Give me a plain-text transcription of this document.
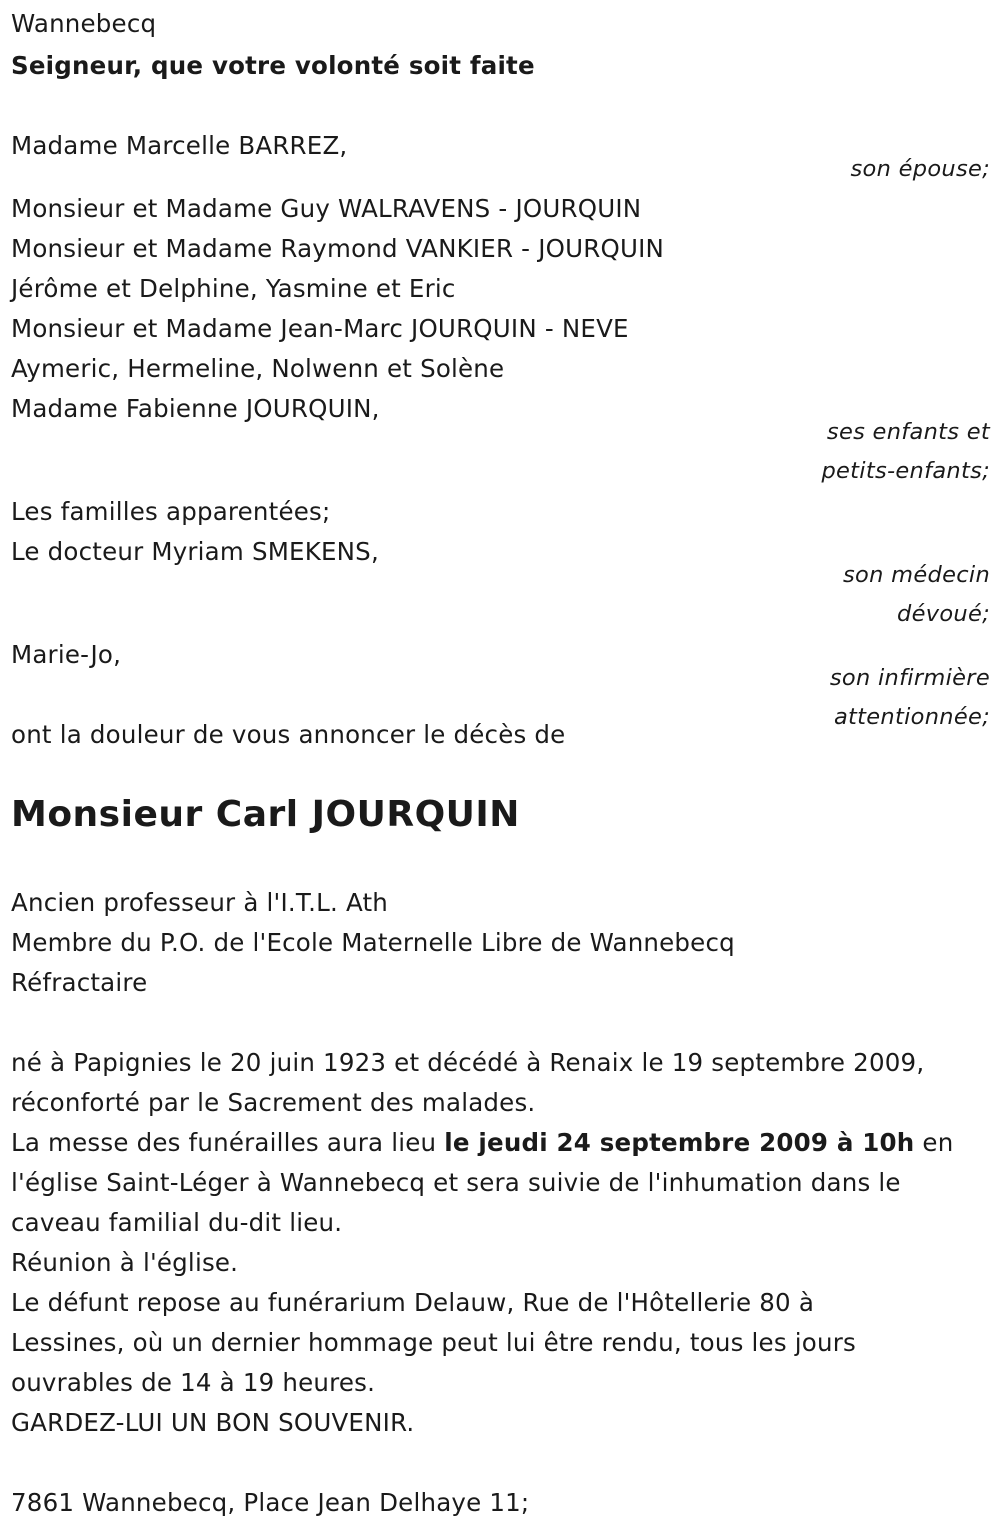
Wannebecq
Seigneur, que votre volonté soit faite
Madame Marcelle BARREZ,
son épouse;
Monsieur et Madame Guy WALRAVENS - JOURQUIN
Monsieur et Madame Raymond VANKIER - JOURQUIN
Jérôme et Delphine, Yasmine et Eric
Monsieur et Madame Jean-Marc JOURQUIN - NEVE
Aymeric, Hermeline, Nolwenn et Solène
Madame Fabienne JOURQUIN,
ses enfants et
petits-enfants;
Les familles apparentées;
Le docteur Myriam SMEKENS,
son médecin
dévoué;
Marie-Jo,
son infirmière
attentionnée;
ont la douleur de vous annoncer le décès de
Monsieur Carl JOURQUIN
Ancien professeur à l'I.T.L. Ath
Membre du P.O. de l'Ecole Maternelle Libre de Wannebecq
Réfractaire
né à Papignies le 20 juin 1923 et décédé à Renaix le 19 septembre 2009,
réconforté par le Sacrement des malades.
La messe des funérailles aura lieu le jeudi 24 septembre 2009 à 10h en
l'église Saint-Léger à Wannebecq et sera suivie de l'inhumation dans le
caveau familial du-dit lieu.
Réunion à l'église.
Le défunt repose au funérarium Delauw, Rue de l'Hôtellerie 80 à
Lessines, où un dernier hommage peut lui être rendu, tous les jours
ouvrables de 14 à 19 heures.
GARDEZ-LUI UN BON SOUVENIR.
7861 Wannebecq, Place Jean Delhaye 11;
